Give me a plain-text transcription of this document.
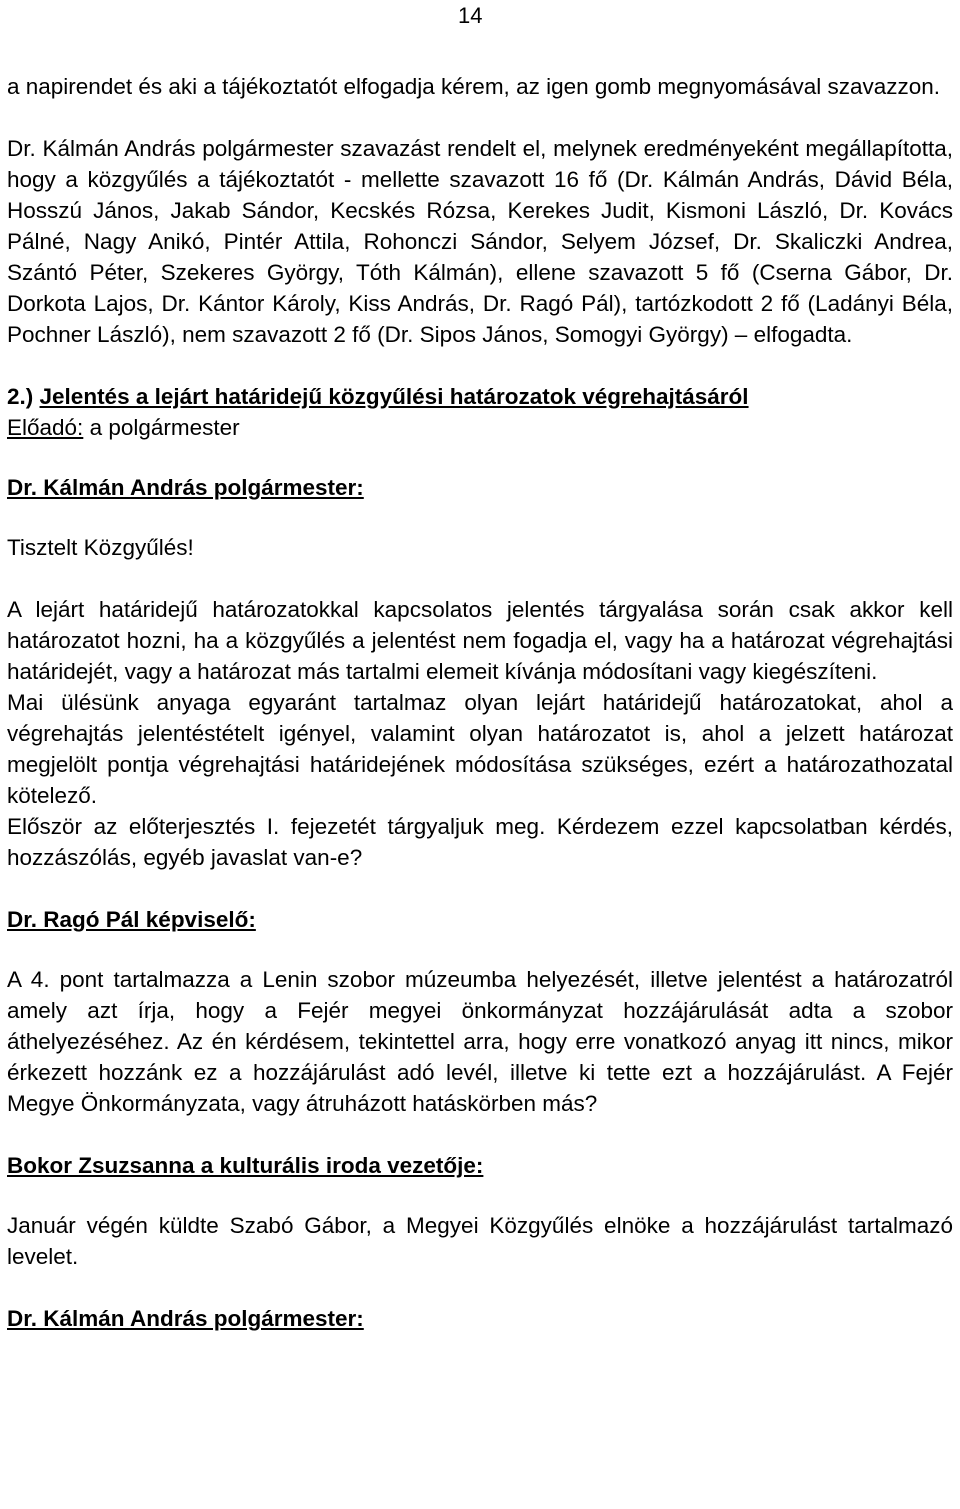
14

a napirendet és aki a tájékoztatót elfogadja kérem, az igen gomb megnyomásával szavazzon.

Dr. Kálmán András polgármester szavazást rendelt el, melynek eredményeként megállapította, hogy a közgyűlés a tájékoztatót - mellette szavazott 16 fő (Dr. Kálmán András, Dávid Béla, Hosszú János, Jakab Sándor, Kecskés Rózsa, Kerekes Judit, Kismoni László, Dr. Kovács Pálné, Nagy Anikó, Pintér Attila, Rohonczi Sándor, Selyem József, Dr. Skaliczki Andrea, Szántó Péter, Szekeres György, Tóth Kálmán), ellene szavazott 5 fő (Cserna Gábor, Dr. Dorkota Lajos, Dr. Kántor Károly, Kiss András, Dr. Ragó Pál), tartózkodott 2 fő (Ladányi Béla, Pochner László), nem szavazott 2 fő (Dr. Sipos János, Somogyi György) – elfogadta.

2.) Jelentés a lejárt határidejű közgyűlési határozatok végrehajtásáról

Előadó: a polgármester

Dr. Kálmán András polgármester:

Tisztelt Közgyűlés!

A lejárt határidejű határozatokkal kapcsolatos jelentés tárgyalása során csak akkor kell határozatot hozni, ha a közgyűlés a jelentést nem fogadja el, vagy ha a határozat végrehajtási határidejét, vagy a határozat más tartalmi elemeit kívánja módosítani vagy kiegészíteni.

Mai ülésünk anyaga egyaránt tartalmaz olyan lejárt határidejű határozatokat, ahol a végrehajtás jelentéstételt igényel, valamint olyan határozatot is, ahol a jelzett határozat megjelölt pontja végrehajtási határidejének módosítása szükséges, ezért a határozathozatal kötelező.

Először az előterjesztés I. fejezetét tárgyaljuk meg. Kérdezem ezzel kapcsolatban kérdés, hozzászólás, egyéb javaslat van-e?

Dr. Ragó Pál képviselő:

A 4. pont tartalmazza a Lenin szobor múzeumba helyezését, illetve jelentést a határozatról amely azt írja, hogy a Fejér megyei önkormányzat hozzájárulását adta a szobor áthelyezéséhez. Az én kérdésem, tekintettel arra, hogy erre vonatkozó anyag itt nincs, mikor érkezett hozzánk ez a hozzájárulást adó levél, illetve ki tette ezt a hozzájárulást. A Fejér Megye Önkormányzata, vagy átruházott hatáskörben más?

Bokor Zsuzsanna a kulturális iroda vezetője:

Január végén küldte Szabó Gábor, a Megyei Közgyűlés elnöke a hozzájárulást tartalmazó levelet.

Dr. Kálmán András polgármester:
